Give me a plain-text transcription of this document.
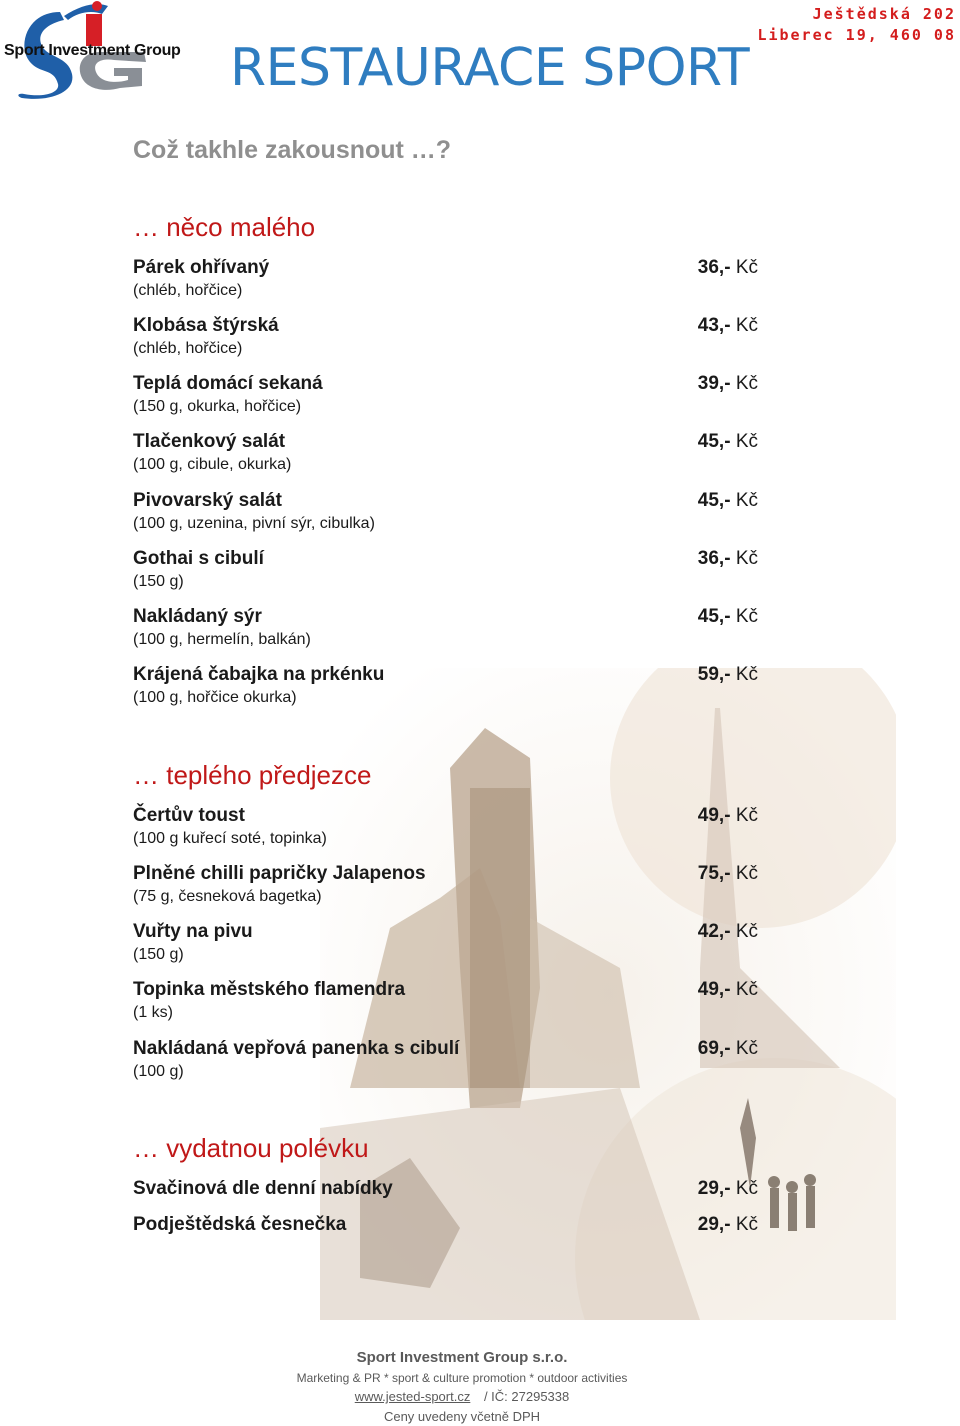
Sport Investment Group RESTAURACE SPORT
Ještědská 202
Liberec 19, 460 08
Což takhle zakousnout …?
… něco malého
Párek ohřívaný
(chléb, hořčice)
36,- Kč
Klobása štýrská
(chléb, hořčice)
43,- Kč
Teplá domácí sekaná
(150 g, okurka, hořčice)
39,- Kč
Tlačenkový salát
(100 g, cibule, okurka)
45,- Kč
Pivovarský salát
(100 g, uzenina, pivní sýr, cibulka)
45,- Kč
Gothai s cibulí
(150 g)
36,- Kč
Nakládaný sýr
(100 g, hermelín, balkán)
45,- Kč
Krájená čabajka na prkénku
(100 g, hořčice okurka)
59,- Kč
… teplého předjezce
Čertův toust
(100 g kuřecí soté, topinka)
49,- Kč
Plněné chilli papričky Jalapenos
(75 g, česneková bagetka)
75,- Kč
Vuřty na pivu
(150 g)
42,- Kč
Topinka městského flamendra
(1 ks)
49,- Kč
Nakládaná vepřová panenka s cibulí
(100 g)
69,- Kč
… vydatnou polévku
Svačinová dle denní nabídky	29,- Kč
Podještědská česnečka	29,- Kč
Sport Investment Group s.r.o.
Marketing & PR * sport & culture promotion * outdoor activities
www.jested-sport.cz / IČ: 27295338
Ceny uvedeny včetně DPH
